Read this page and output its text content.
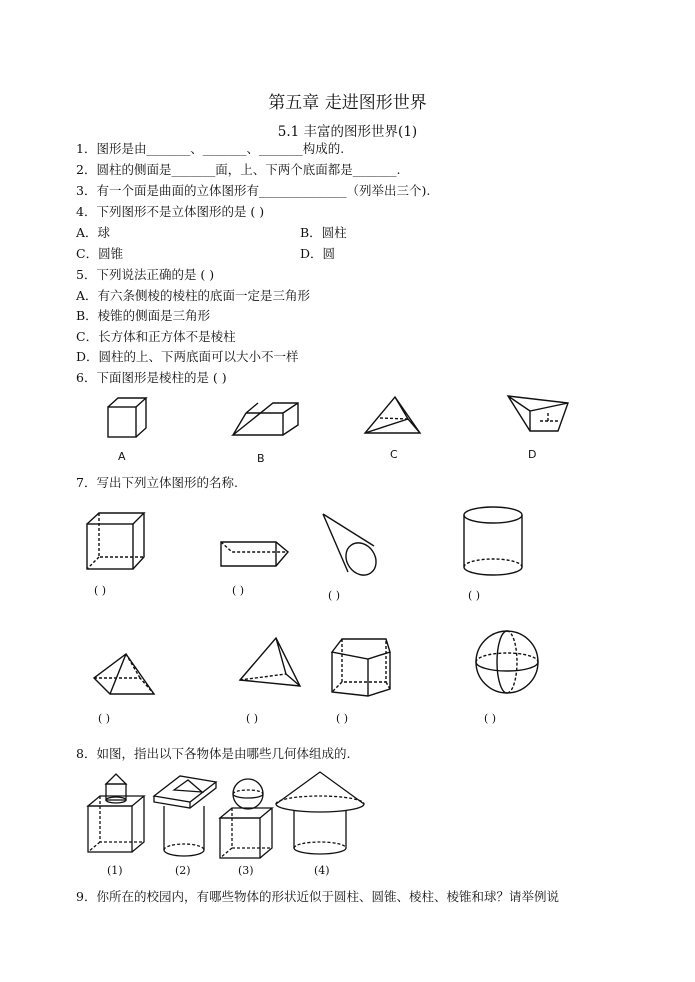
第五章 走进图形世界
5.1 丰富的图形世界(1)
1．图形是由_______、_______、_______构成的.
2．圆柱的侧面是_______面，上、下两个底面都是_______.
3．有一个面是曲面的立体图形有______________（列举出三个).
4．下列图形不是立体图形的是 ( )
A．球	B．圆柱
C．圆锥	D．圆
5．下列说法正确的是 ( )
A．有六条侧棱的棱柱的底面一定是三角形
B．棱锥的侧面是三角形
C．长方体和正方体不是棱柱
D．圆柱的上、下两底面可以大小不一样
6．下面图形是棱柱的是 ( )
A	B	C	D
7．写出下列立体图形的名称.
( )	( )	( )	( )
( )	( )	( )	( )
8．如图，指出以下各物体是由哪些几何体组成的.
(1)	(2)	(3)	(4)
9．你所在的校园内，有哪些物体的形状近似于圆柱、圆锥、棱柱、棱锥和球？请举例说
